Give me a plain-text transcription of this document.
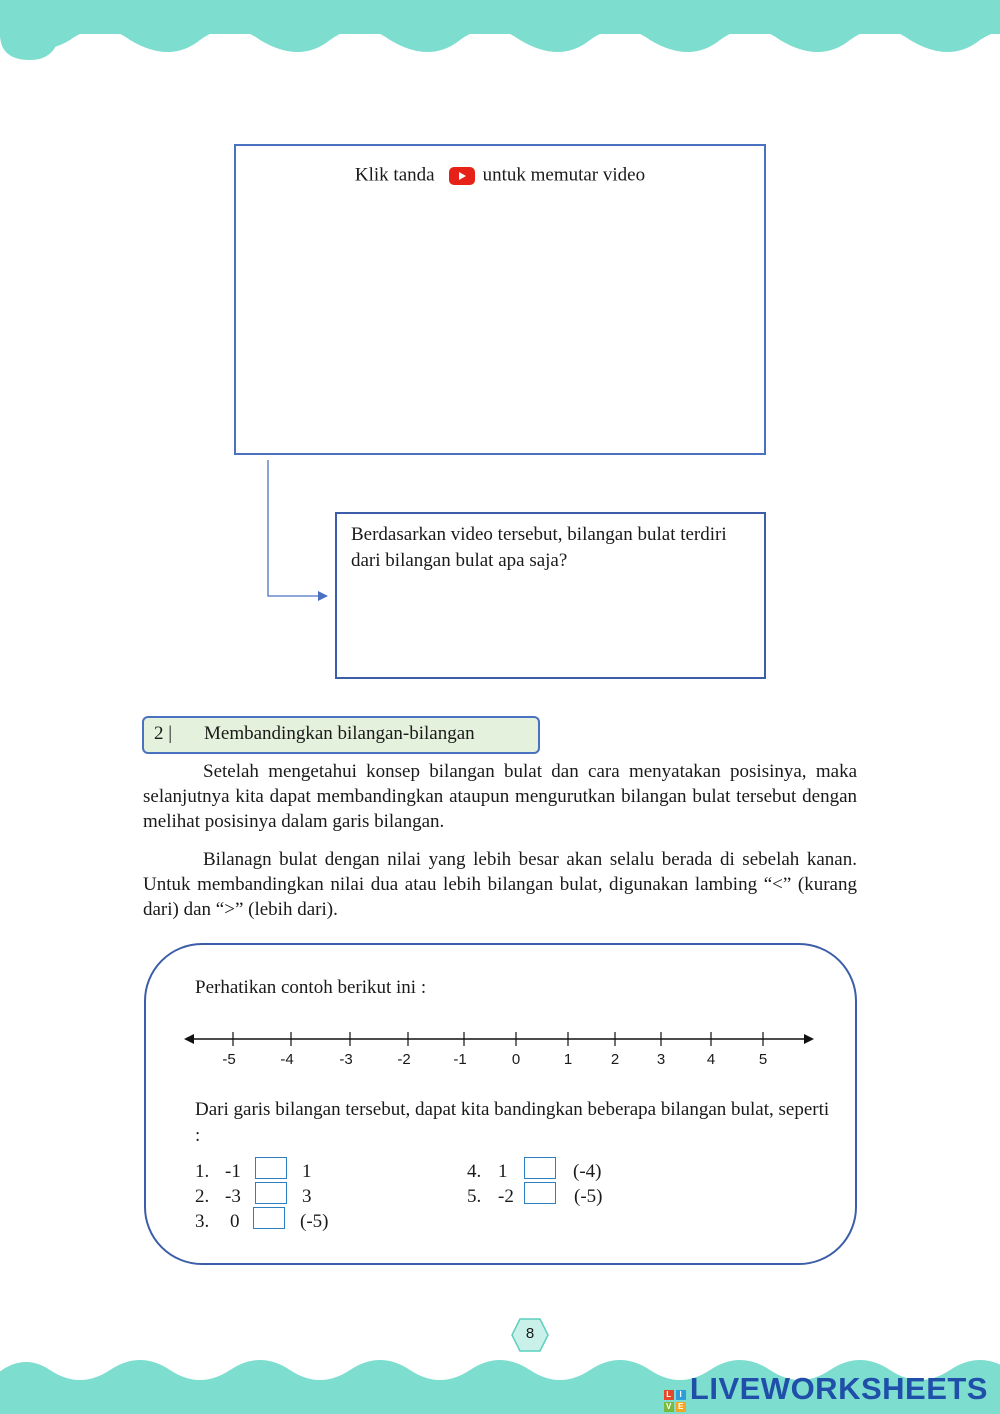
Klik tanda	untuk memutar video
Berdasarkan video tersebut, bilangan bulat terdiri dari bilangan bulat apa saja?
2 | Membandingkan bilangan-bilangan
Setelah mengetahui konsep bilangan bulat dan cara menyatakan posisinya, maka selanjutnya kita dapat membandingkan ataupun mengurutkan bilangan bulat tersebut dengan melihat posisinya dalam garis bilangan.
Bilanagn bulat dengan nilai yang lebih besar akan selalu berada di sebelah kanan. Untuk membandingkan nilai dua atau lebih bilangan bulat, digunakan lambing “<” (kurang dari) dan “>” (lebih dari).
Perhatikan contoh berikut ini :
-5	-4	-3	-2	-1	0	1	2	3	4	5
Dari garis bilangan tersebut, dapat kita bandingkan beberapa bilangan bulat, seperti :
1. -1	1
2. -3	3
3. 0	(-5)
4. 1	(-4)
5. -2	(-5)
8
L I
V E
LIVEWORKSHEETS
